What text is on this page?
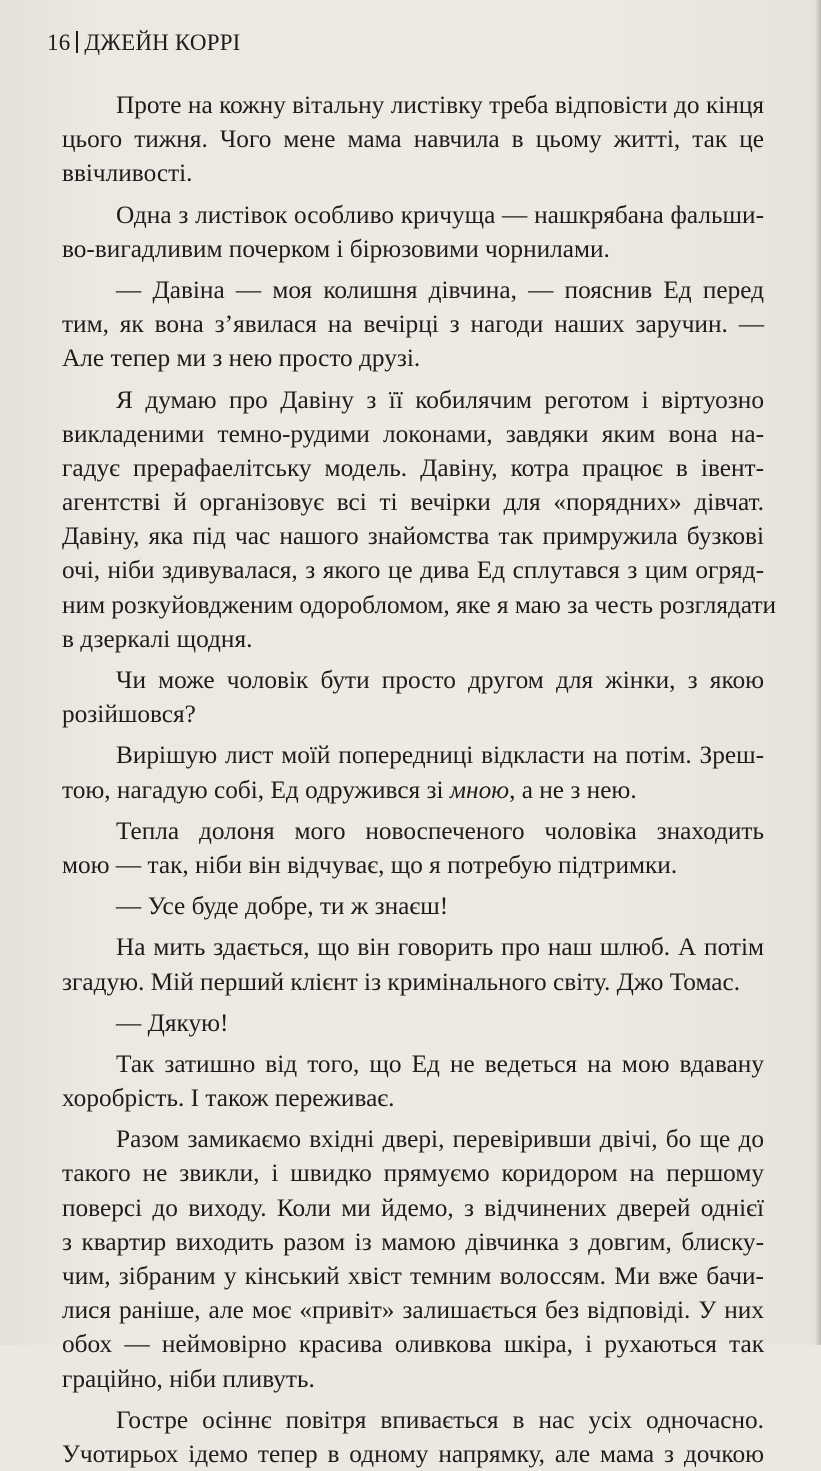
16 ДЖЕЙН КОРРІ
Проте на кожну вітальну листівку треба відповісти до кінця
цього тижня. Чого мене мама навчила в цьому житті, так це
ввічливості.
Одна з листівок особливо кричуща — нашкрябана фальши-
во-вигадливим почерком і бірюзовими чорнилами.
— Давіна — моя колишня дівчина, — пояснив Ед перед
тим, як вона з’явилася на вечірці з нагоди наших заручин. —
Але тепер ми з нею просто друзі.
Я думаю про Давіну з її кобилячим реготом і віртуозно
викладеними темно-рудими локонами, завдяки яким вона на-
гадує прерафаелітську модель. Давіну, котра працює в івент-
агентстві й організовує всі ті вечірки для «порядних» дівчат.
Давіну, яка під час нашого знайомства так примружила бузкові
очі, ніби здивувалася, з якого це дива Ед сплутався з цим огряд-
ним розкуйовдженим одоробломом, яке я маю за честь розглядати
в дзеркалі щодня.
Чи може чоловік бути просто другом для жінки, з якою
розійшовся?
Вирішую лист моїй попередниці відкласти на потім. Зреш-
тою, нагадую собі, Ед одружився зі мною, а не з нею.
Тепла долоня мого новоспеченого чоловіка знаходить
мою — так, ніби він відчуває, що я потребую підтримки.
— Усе буде добре, ти ж знаєш!
На мить здається, що він говорить про наш шлюб. А потім
згадую. Мій перший клієнт із кримінального світу. Джо Томас.
— Дякую!
Так затишно від того, що Ед не ведеться на мою вдавану
хоробрість. І також переживає.
Разом замикаємо вхідні двері, перевіривши двічі, бо ще до
такого не звикли, і швидко прямуємо коридором на першому
поверсі до виходу. Коли ми йдемо, з відчинених дверей однієї
з квартир виходить разом із мамою дівчинка з довгим, блиску-
чим, зібраним у кінський хвіст темним волоссям. Ми вже бачи-
лися раніше, але моє «привіт» залишається без відповіді. У них
обох — неймовірно красива оливкова шкіра, і рухаються так
граційно, ніби пливуть.
Гостре осіннє повітря впивається в нас усіх одночасно.
Учотирьох ідемо тепер в одному напрямку, але мама з дочкою
